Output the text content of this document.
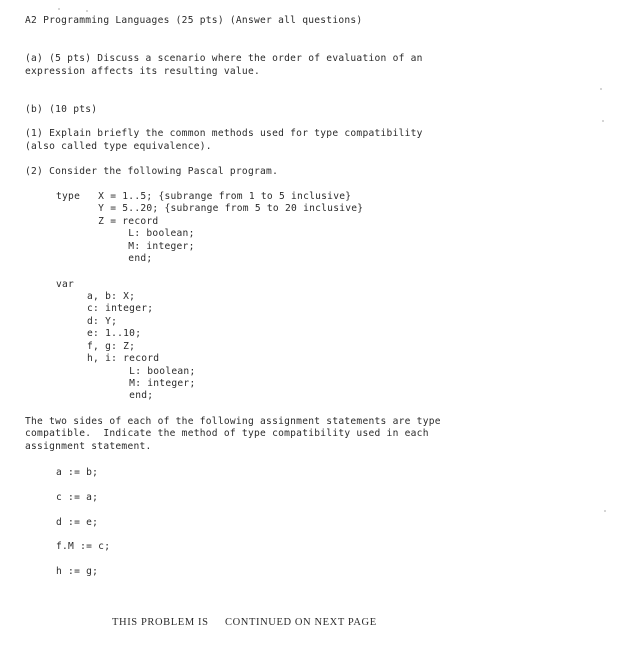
A2 Programming Languages (25 pts) (Answer all questions)
(a) (5 pts) Discuss a scenario where the order of evaluation of an
expression affects its resulting value.
(b) (10 pts)
(1) Explain briefly the common methods used for type compatibility
(also called type equivalence).
(2) Consider the following Pascal program.
type   X = 1..5; {subrange from 1 to 5 inclusive}
Y = 5..20; {subrange from 5 to 20 inclusive}
Z = record
L: boolean;
M: integer;
end;
var
a, b: X;
c: integer;
d: Y;
e: 1..10;
f, g: Z;
h, i: record
L: boolean;
M: integer;
end;
The two sides of each of the following assignment statements are type
compatible.  Indicate the method of type compatibility used in each
assignment statement.
a := b;
c := a;
d := e;
f.M := c;
h := g;
THIS PROBLEM IS CONTINUED ON NEXT PAGE
